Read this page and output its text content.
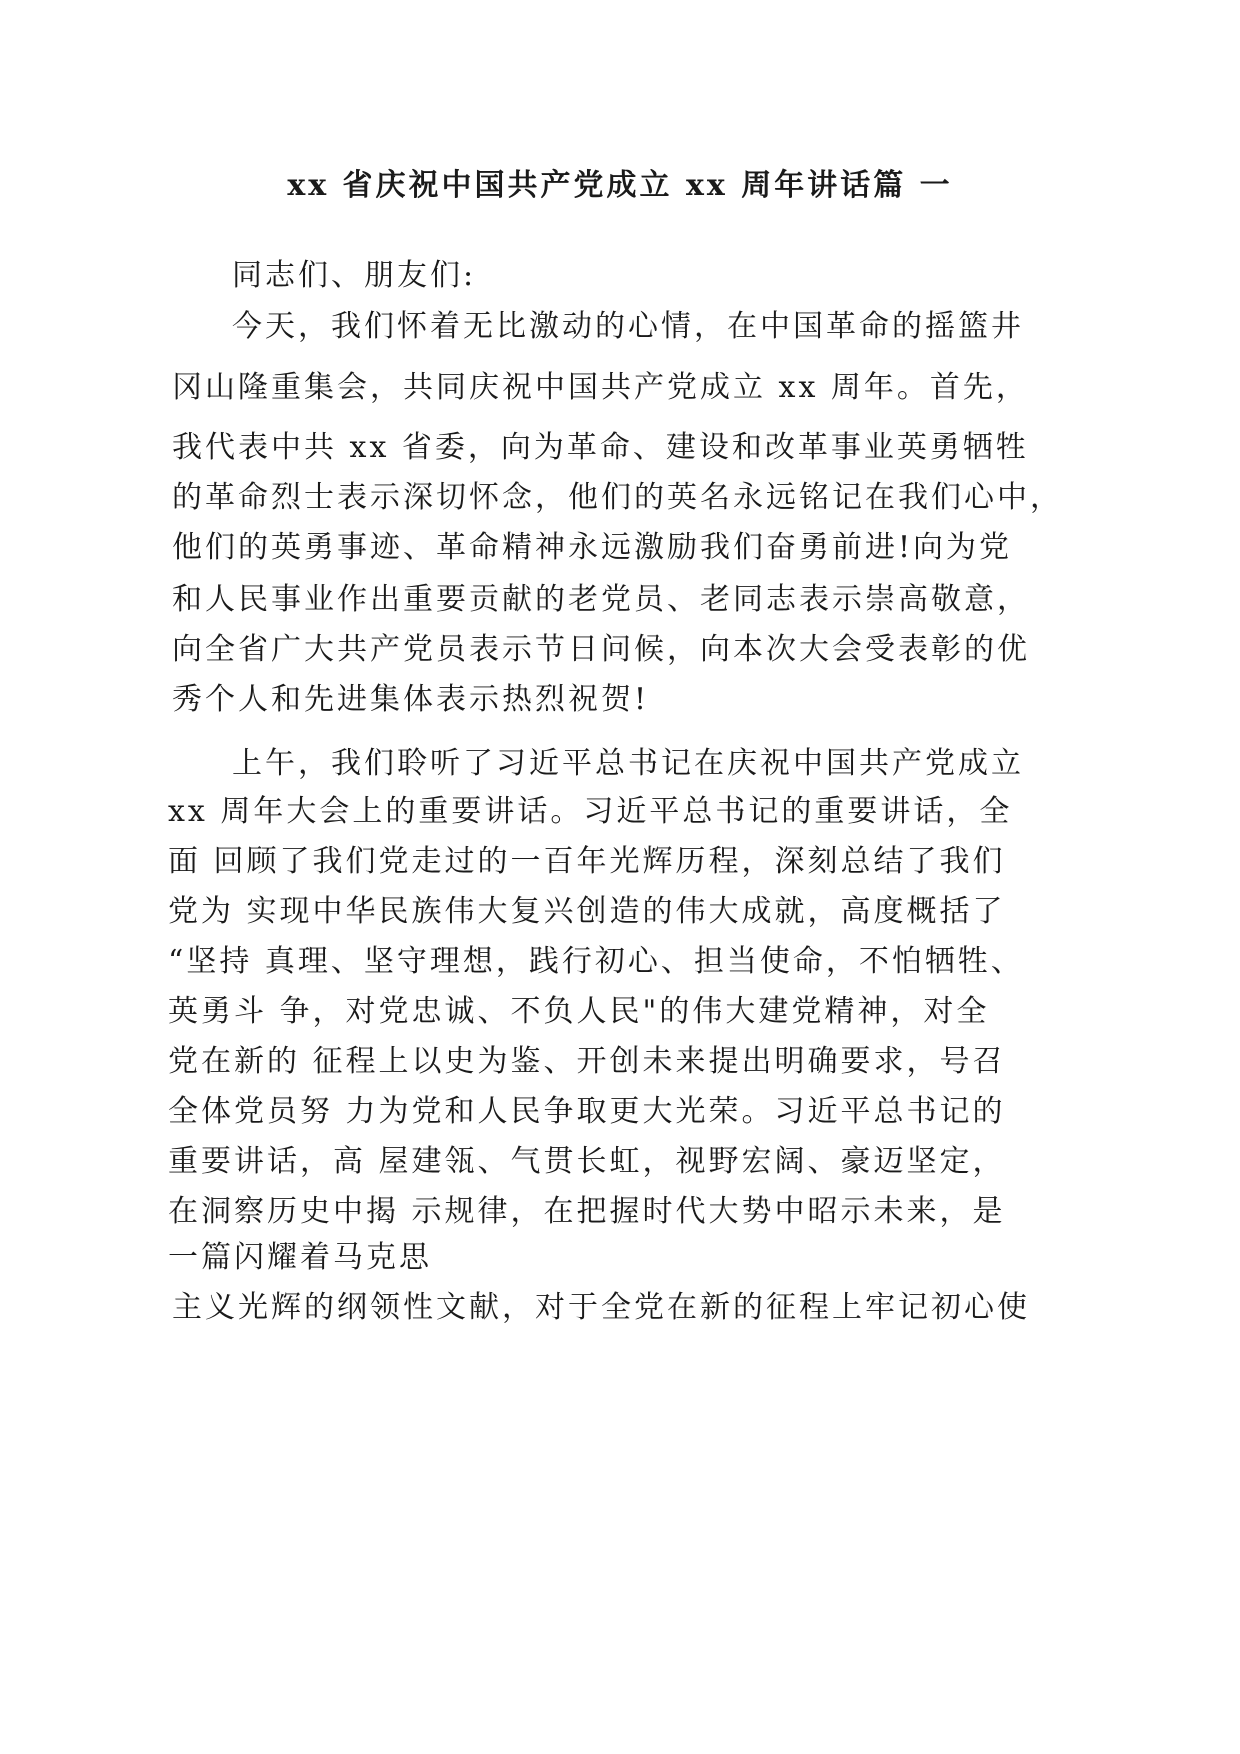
xx 省庆祝中国共产党成立 xx 周年讲话篇 一
同志们、朋友们:
今天，我们怀着无比激动的心情，在中国革命的摇篮井
冈山隆重集会，共同庆祝中国共产党成立 xx 周年。首先，
我代表中共 xx 省委，向为革命、建设和改革事业英勇牺牲
的革命烈士表示深切怀念，他们的英名永远铭记在我们心中，
他们的英勇事迹、革命精神永远激励我们奋勇前进!向为党
和人民事业作出重要贡献的老党员、老同志表示崇高敬意，
向全省广大共产党员表示节日问候，向本次大会受表彰的优
秀个人和先进集体表示热烈祝贺!
上午，我们聆听了习近平总书记在庆祝中国共产党成立
xx 周年大会上的重要讲话。习近平总书记的重要讲话，全
面 回顾了我们党走过的一百年光辉历程，深刻总结了我们
党为 实现中华民族伟大复兴创造的伟大成就，高度概括了
“坚持 真理、坚守理想，践行初心、担当使命，不怕牺牲、
英勇斗 争，对党忠诚、不负人民"的伟大建党精神，对全
党在新的 征程上以史为鉴、开创未来提出明确要求，号召
全体党员努 力为党和人民争取更大光荣。习近平总书记的
重要讲话，高 屋建瓴、气贯长虹，视野宏阔、豪迈坚定，
在洞察历史中揭 示规律，在把握时代大势中昭示未来，是
一篇闪耀着马克思
主义光辉的纲领性文献，对于全党在新的征程上牢记初心使
